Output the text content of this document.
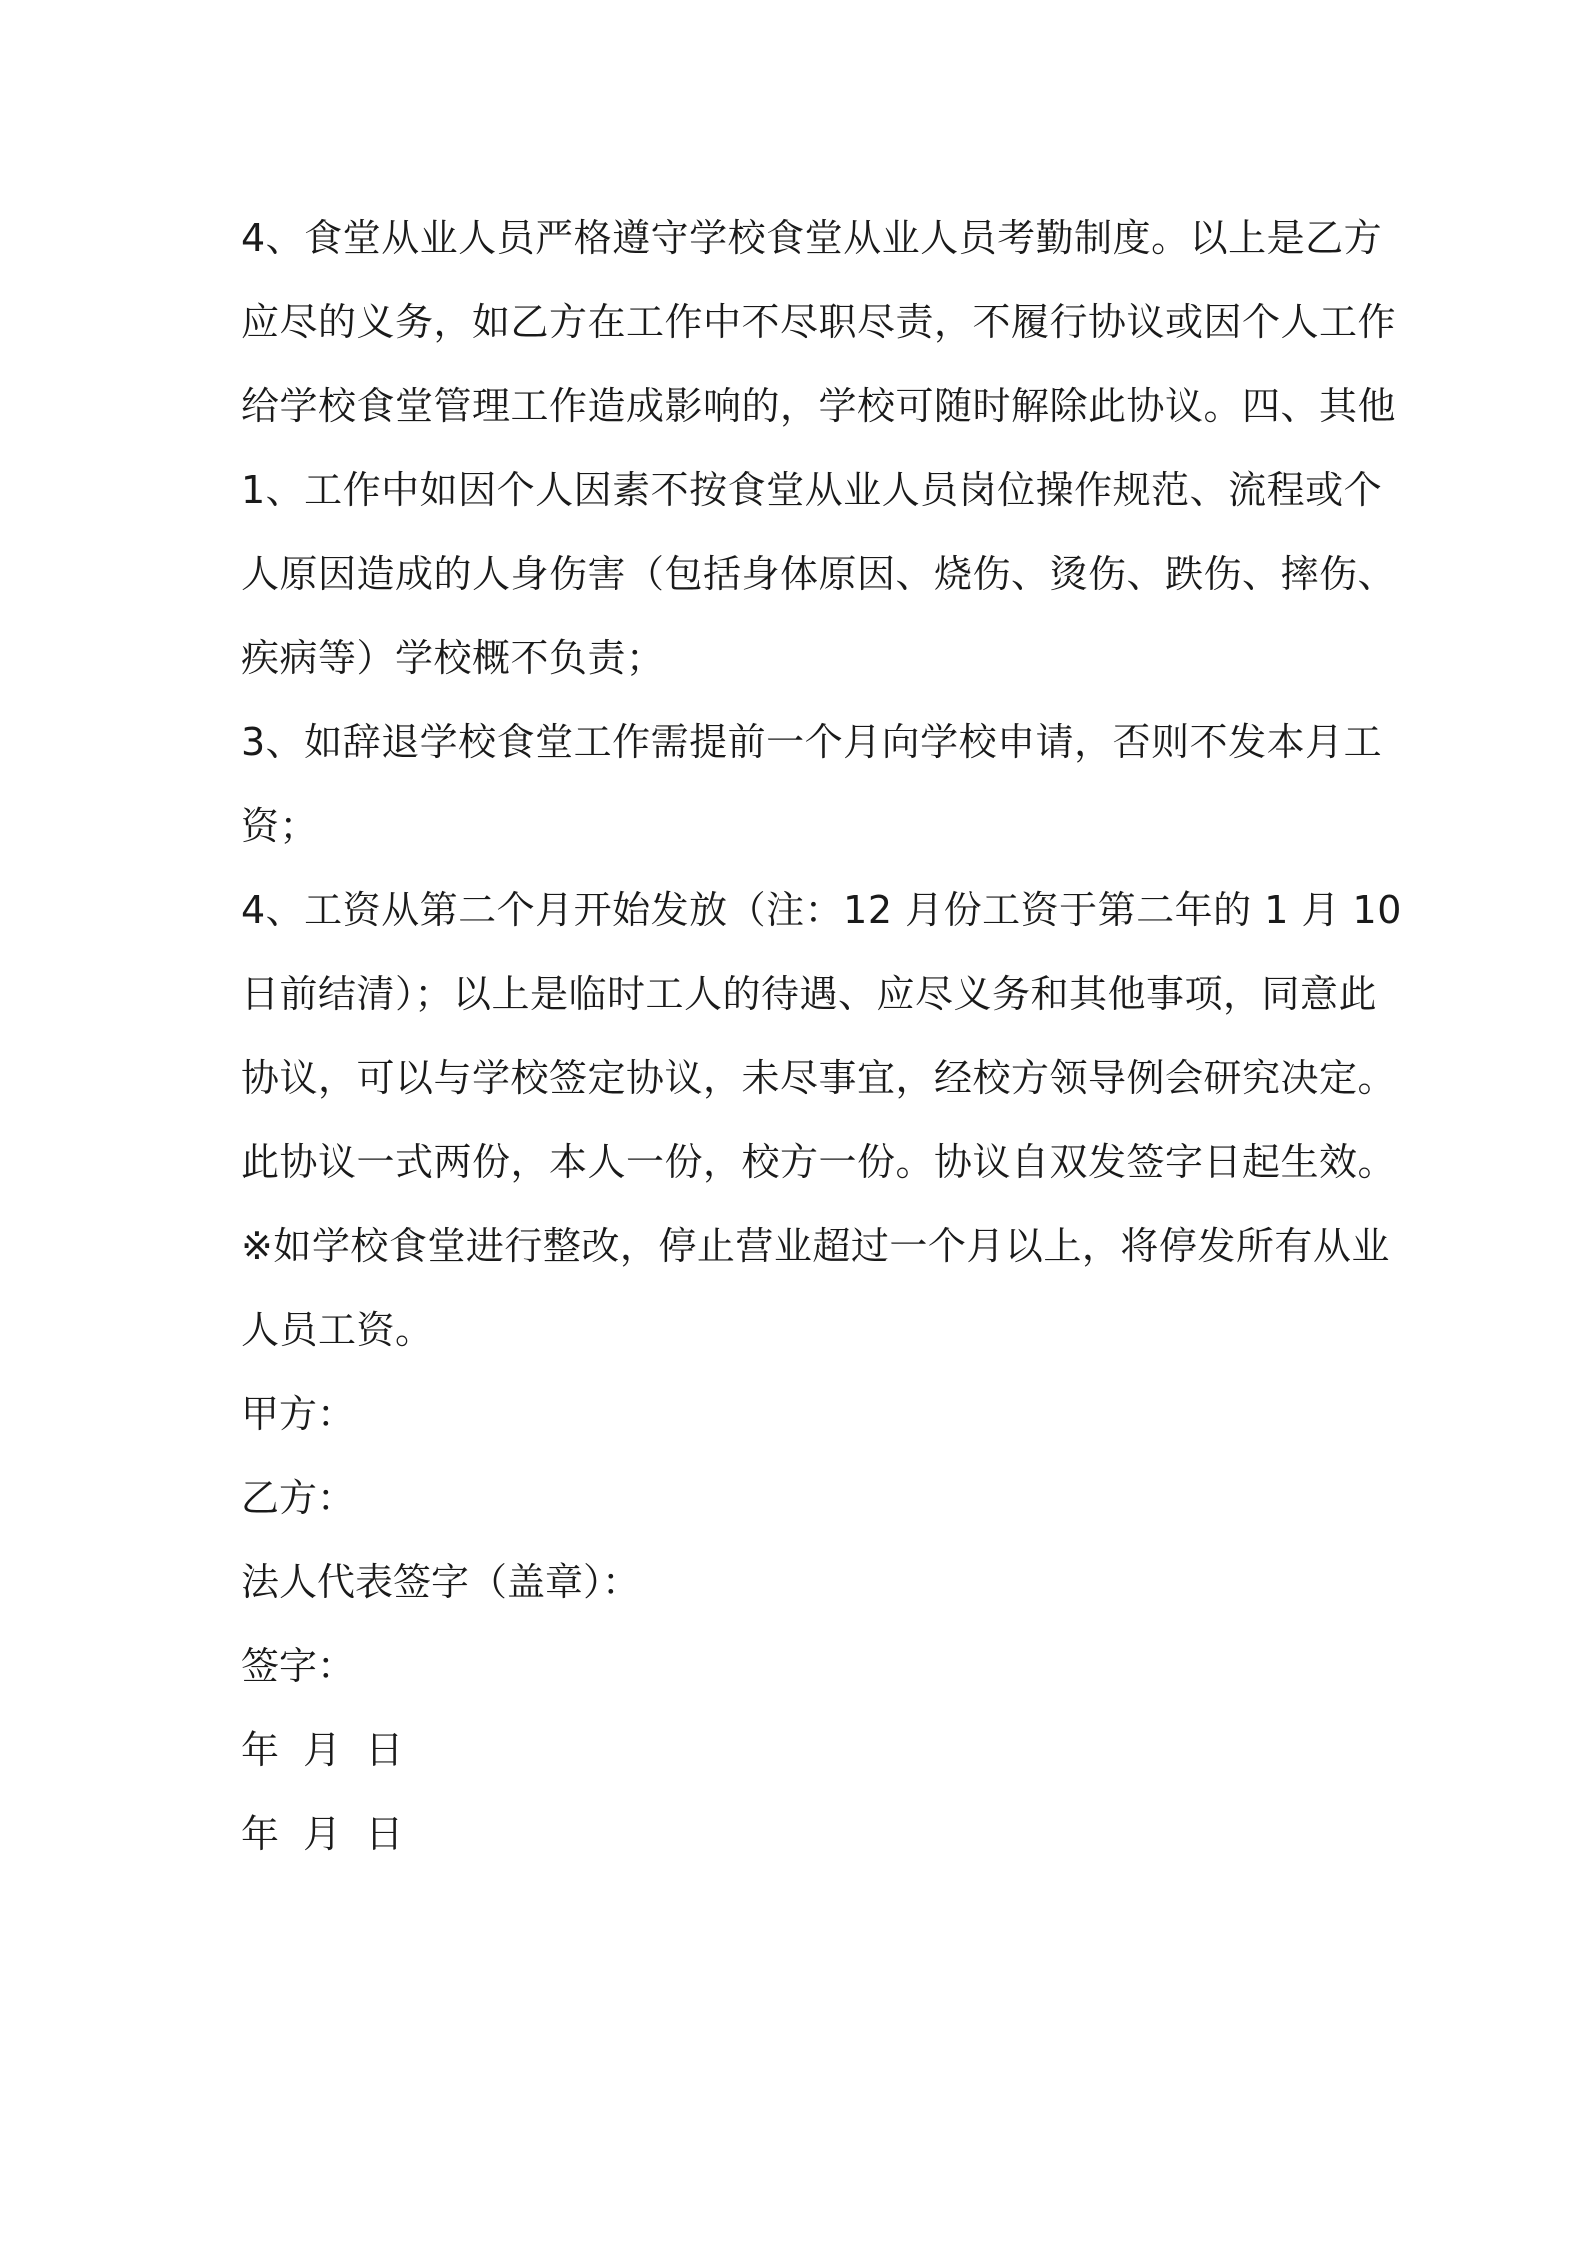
4、食堂从业人员严格遵守学校食堂从业人员考勤制度。以上是乙方
应尽的义务，如乙方在工作中不尽职尽责，不履行协议或因个人工作
给学校食堂管理工作造成影响的，学校可随时解除此协议。四、其他
1、工作中如因个人因素不按食堂从业人员岗位操作规范、流程或个
人原因造成的人身伤害（包括身体原因、烧伤、烫伤、跌伤、摔伤、
疾病等）学校概不负责；
3、如辞退学校食堂工作需提前一个月向学校申请，否则不发本月工
资；
4、工资从第二个月开始发放（注：12 月份工资于第二年的 1 月 10
日前结清）；以上是临时工人的待遇、应尽义务和其他事项，同意此
协议，可以与学校签定协议，未尽事宜，经校方领导例会研究决定。
此协议一式两份，本人一份，校方一份。协议自双发签字日起生效。
※如学校食堂进行整改，停止营业超过一个月以上，将停发所有从业
人员工资。
甲方：
乙方：
法人代表签字（盖章）：
签字：
年  月  日
年  月  日
